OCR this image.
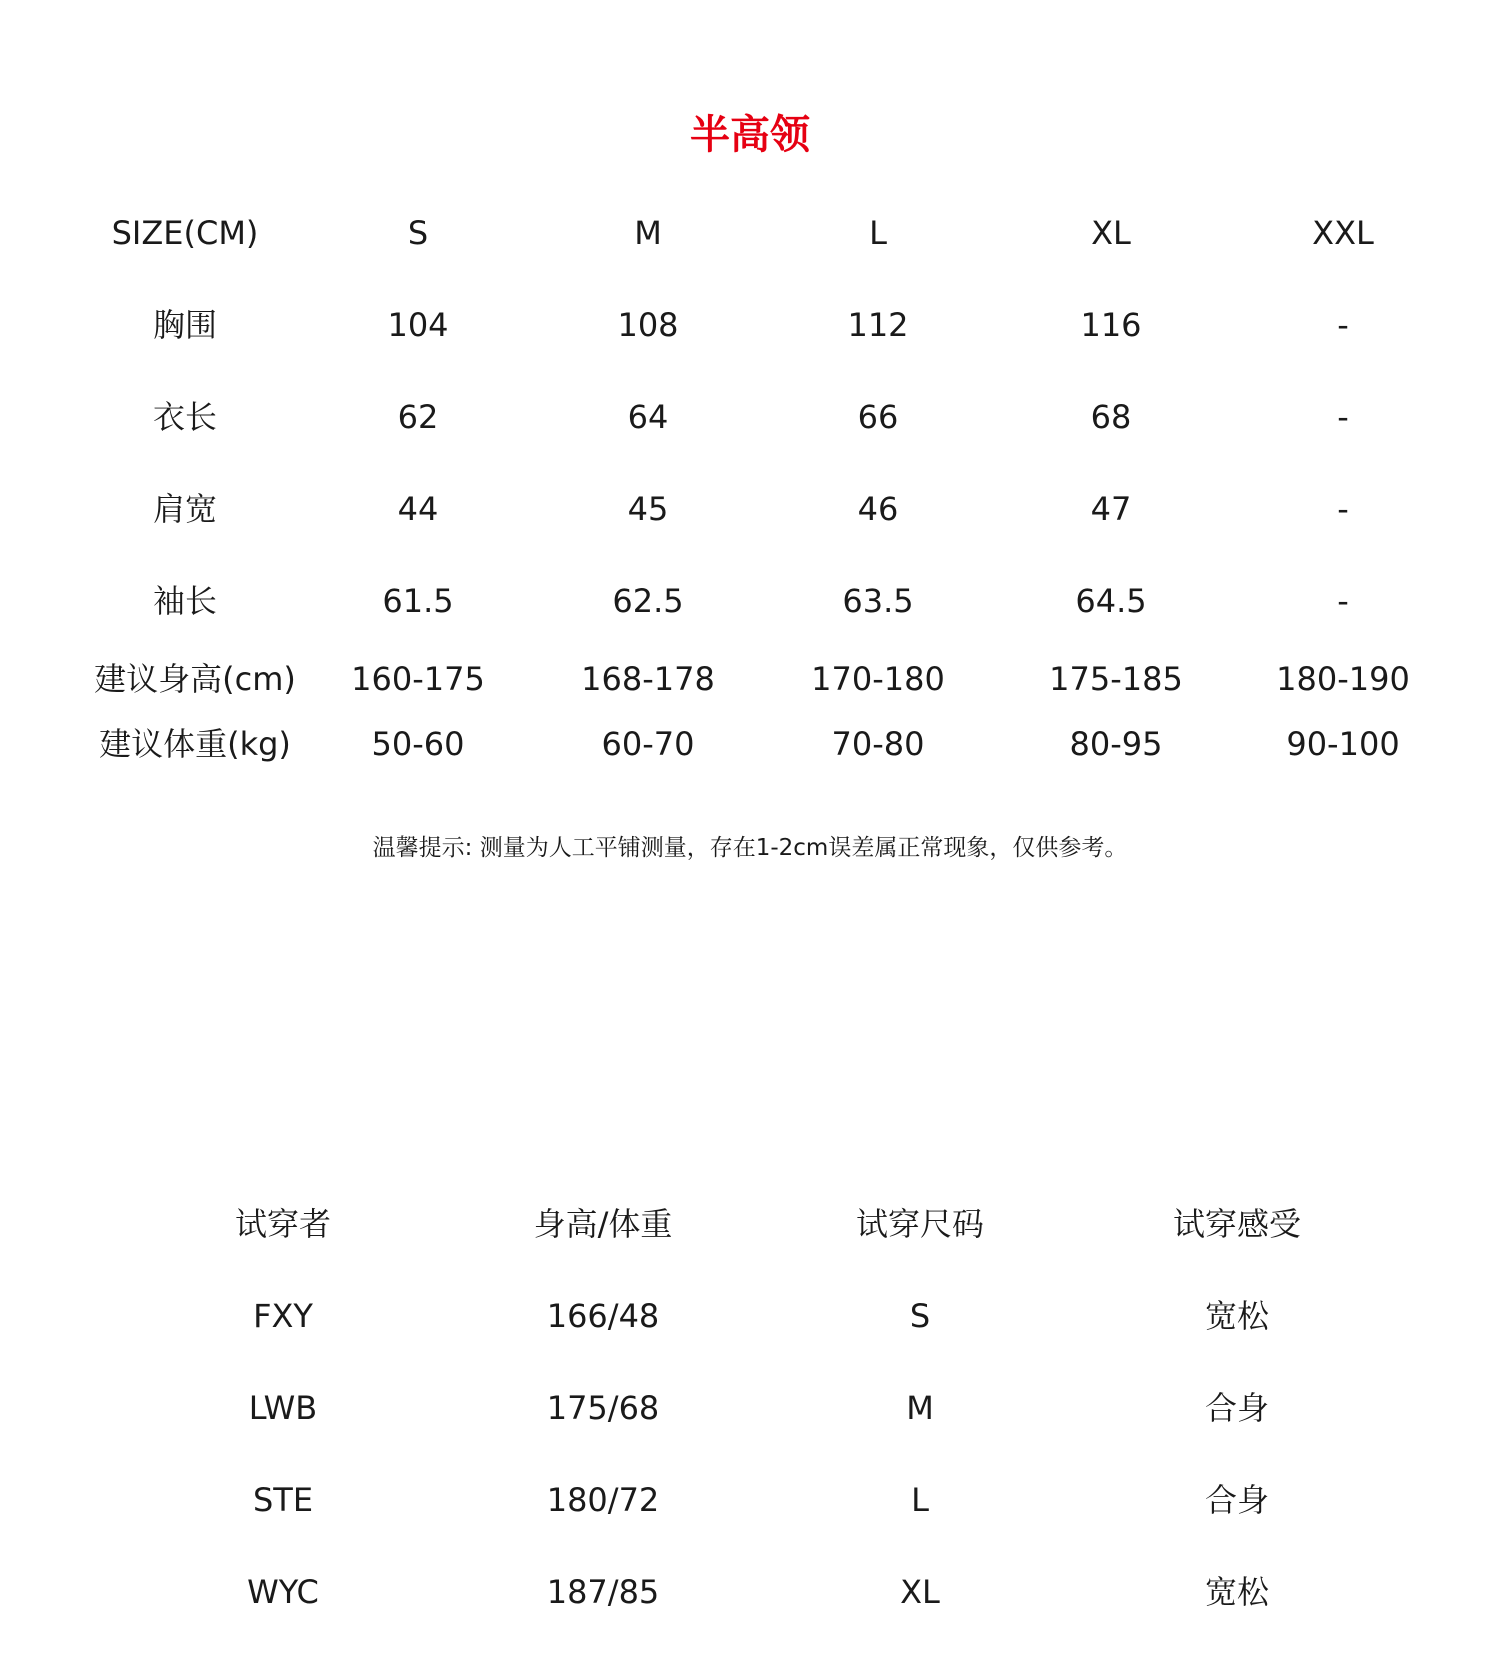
半高领
SIZE(CM)	S	M	L	XL	XXL
胸围	104	108	112	116	-
衣长	62	64	66	68	-
肩宽	44	45	46	47	-
袖长	61.5	62.5	63.5	64.5	-
建议身高(cm)	160-175	168-178	170-180	175-185	180-190
建议体重(kg)	50-60	60-70	70-80	80-95	90-100
温馨提示: 测量为人工平铺测量，存在1-2cm误差属正常现象，仅供参考。
试穿者	身高/体重	试穿尺码	试穿感受
FXY	166/48	S	宽松
LWB	175/68	M	合身
STE	180/72	L	合身
WYC	187/85	XL	宽松
